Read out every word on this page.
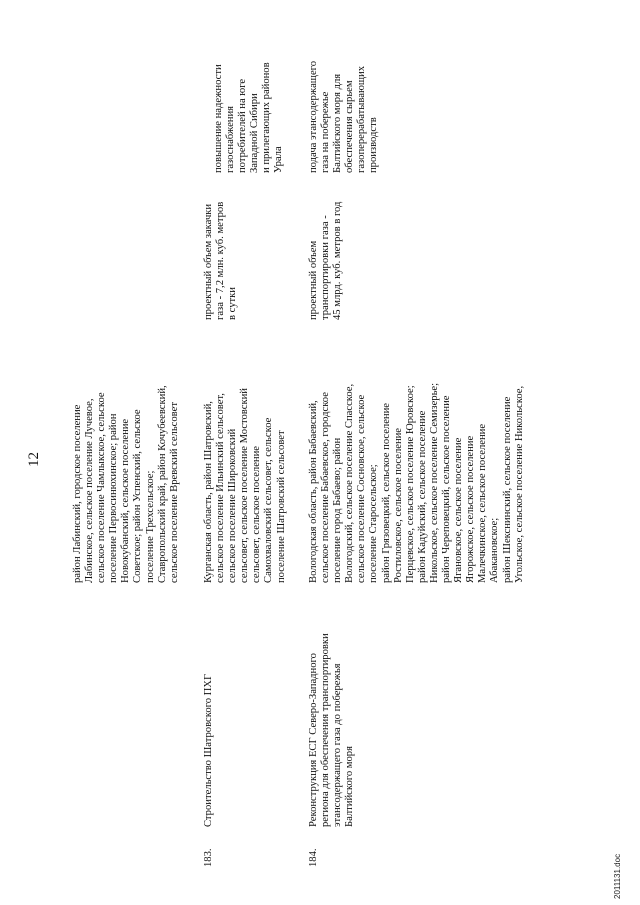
12	район Лабинский, городское поселение Лабинское, сельское поселение Лучевое, сельское поселение Чамлыкское, сельское поселение Первосинюхинское; район Новокубанский, сельское поселение Советское; район Успенский, сельское поселение Трехсельское; Ставропольский край, район Кочубеевский, сельское поселение Вревский сельсовет
повышение надежности газоснабжения потребителей на юге Западной Сибири и прилегающих районов Урала
183.
Строительство Шатровского ПХГ
Курганская область, район Шатровский, сельское поселение Ильинский сельсовет, сельское поселение Широковский сельсовет, сельское поселение Мостовский сельсовет, сельское поселение Самохваловский сельсовет, сельское поселение Шатровский сельсовет
проектный объем закачки газа - 7,2 млн. куб. метров в сутки
184.
Реконструкция ЕСГ Северо-Западного региона для обеспечения транспортировки этансодержащего газа до побережья Балтийского моря
Вологодская область, район Бабаевский, сельское поселение Бабаевское, городское поселение город Бабаево; район Вологодский, сельское поселение Спасское, сельское поселение Сосновское, сельское поселение Старосельское; район Грязовецкий, сельское поселение Ростиловское, сельское поселение Перцевское, сельское поселение Юровское; район Кадуйский, сельское поселение Никольское, сельское поселение Семизерье; район Череповецкий, сельское поселение Ягановское, сельское поселение Ягорожское, сельское поселение Малечкинское, сельское поселение Абакановское; район Шекснинский, сельское поселение Угольское, сельское поселение Никольское,
проектный объем транспортировки газа - 45 млрд. куб. метров в год
подача этансодержащего газа на побережье Балтийского моря для обеспечения сырьем газоперерабатывающих производств
2011131.doc
